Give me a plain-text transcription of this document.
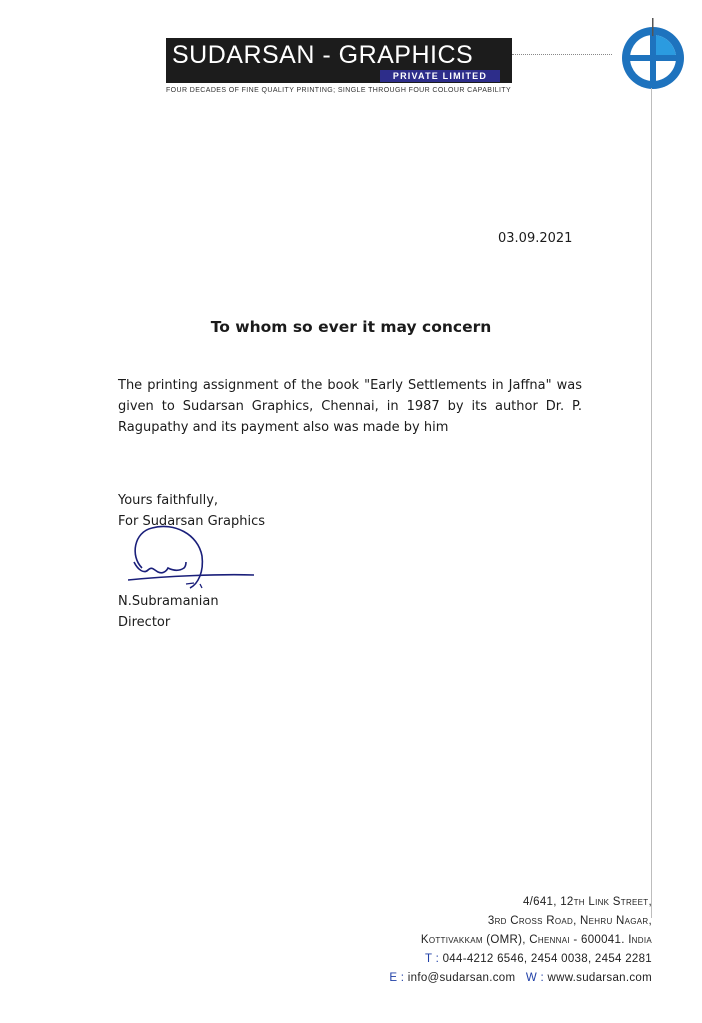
SUDARSAN - GRAPHICS
PRIVATE LIMITED
FOUR DECADES OF FINE QUALITY PRINTING; SINGLE THROUGH FOUR COLOUR CAPABILITY
03.09.2021
To whom so ever it may concern
The printing assignment of the book "Early Settlements in Jaffna" was given to Sudarsan Graphics, Chennai, in 1987 by its author Dr. P. Ragupathy and its payment also was made by him
Yours faithfully,
For Sudarsan Graphics
N.Subramanian
Director
4/641, 12th Link Street,
3rd Cross Road, Nehru Nagar,
Kottivakkam (OMR), Chennai - 600041. India
T : 044-4212 6546, 2454 0038, 2454 2281
E : info@sudarsan.com W : www.sudarsan.com
